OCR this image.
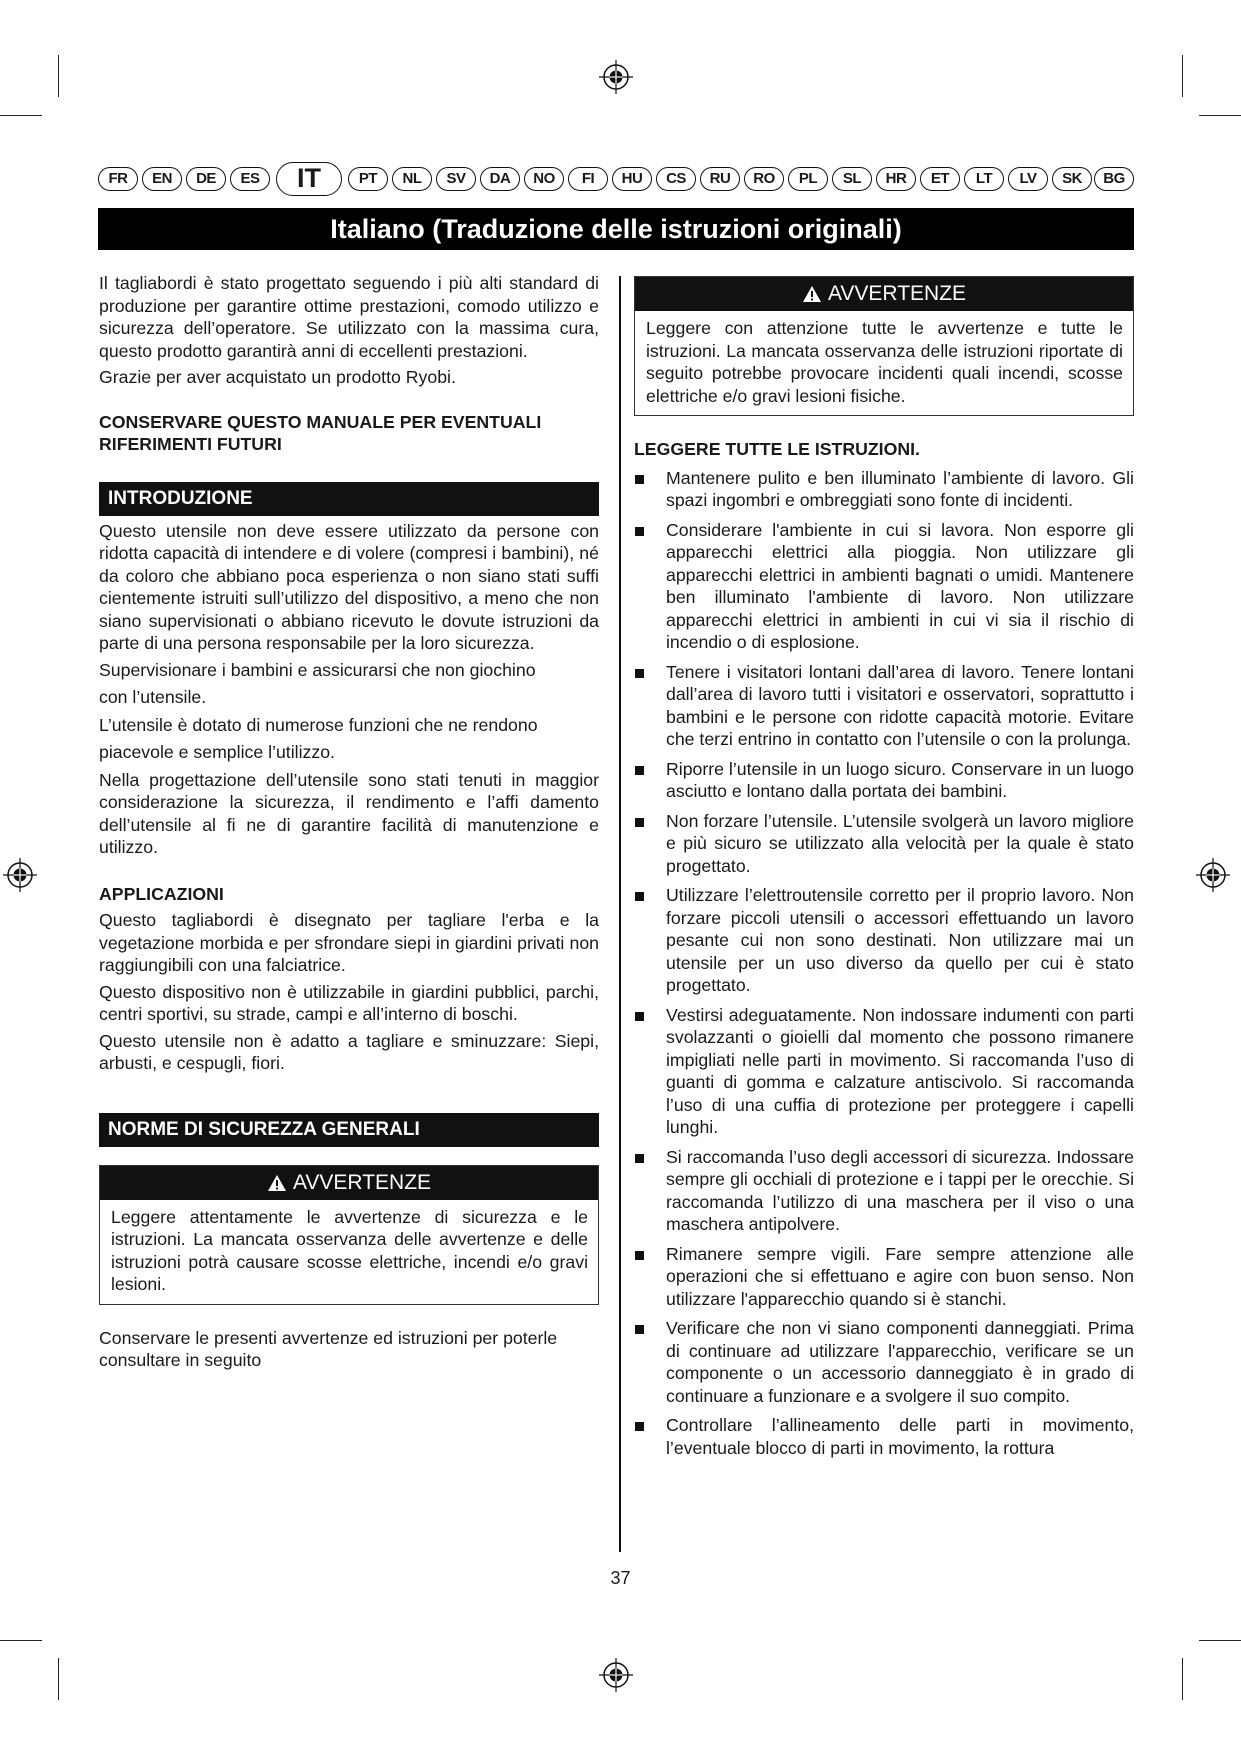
FR	EN	DE	ES	IT	PT	NL	SV	DA	NO	FI	HU	CS	RU	RO	PL	SL	HR	ET	LT	LV	SK	BG
Italiano (Traduzione delle istruzioni originali)

Il tagliabordi è stato progettato seguendo i più alti standard di produzione per garantire ottime prestazioni, comodo utilizzo e sicurezza dell’operatore. Se utilizzato con la massima cura, questo prodotto garantirà anni di eccellenti prestazioni.

Grazie per aver acquistato un prodotto Ryobi.

CONSERVARE QUESTO MANUALE PER EVENTUALI RIFERIMENTI FUTURI
INTRODUZIONE

Questo utensile non deve essere utilizzato da persone con ridotta capacità di intendere e di volere (compresi i bambini), né da coloro che abbiano poca esperienza o non siano stati suffi cientemente istruiti sull’utilizzo del dispositivo, a meno che non siano supervisionati o abbiano ricevuto le dovute istruzioni da parte di una persona responsabile per la loro sicurezza.

Supervisionare i bambini e assicurarsi che non giochino

con l’utensile.

L’utensile è dotato di numerose funzioni che ne rendono

piacevole e semplice l’utilizzo.

Nella progettazione dell’utensile sono stati tenuti in maggior considerazione la sicurezza, il rendimento e l’affi damento dell’utensile al fi ne di garantire facilità di manutenzione e utilizzo.

APPLICAZIONI

Questo tagliabordi è disegnato per tagliare l'erba e la vegetazione morbida e per sfrondare siepi in giardini privati non raggiungibili con una falciatrice.

Questo dispositivo non è utilizzabile in giardini pubblici, parchi, centri sportivi, su strade, campi e all’interno di boschi.

Questo utensile non è adatto a tagliare e sminuzzare: Siepi, arbusti, e cespugli, fiori.

NORME DI SICUREZZA GENERALI
AVVERTENZE

Leggere attentamente le avvertenze di sicurezza e le istruzioni. La mancata osservanza delle avvertenze e delle istruzioni potrà causare scosse elettriche, incendi e/o gravi lesioni.

Conservare le presenti avvertenze ed istruzioni per poterle consultare in seguito

AVVERTENZE

Leggere con attenzione tutte le avvertenze e tutte le istruzioni. La mancata osservanza delle istruzioni riportate di seguito potrebbe provocare incidenti quali incendi, scosse elettriche e/o gravi lesioni fisiche.

LEGGERE TUTTE LE ISTRUZIONI.
Mantenere pulito e ben illuminato l’ambiente di lavoro. Gli spazi ingombri e ombreggiati sono fonte di incidenti.
Considerare l'ambiente in cui si lavora. Non esporre gli apparecchi elettrici alla pioggia. Non utilizzare gli apparecchi elettrici in ambienti bagnati o umidi. Mantenere ben illuminato l'ambiente di lavoro. Non utilizzare apparecchi elettrici in ambienti in cui vi sia il rischio di incendio o di esplosione.
Tenere i visitatori lontani dall’area di lavoro. Tenere lontani dall’area di lavoro tutti i visitatori e osservatori, soprattutto i bambini e le persone con ridotte capacità motorie. Evitare che terzi entrino in contatto con l’utensile o con la prolunga.
Riporre l’utensile in un luogo sicuro. Conservare in un luogo asciutto e lontano dalla portata dei bambini.
Non forzare l’utensile. L’utensile svolgerà un lavoro migliore e più sicuro se utilizzato alla velocità per la quale è stato progettato.
Utilizzare l’elettroutensile corretto per il proprio lavoro. Non forzare piccoli utensili o accessori effettuando un lavoro pesante cui non sono destinati. Non utilizzare mai un utensile per un uso diverso da quello per cui è stato progettato.
Vestirsi adeguatamente. Non indossare indumenti con parti svolazzanti o gioielli dal momento che possono rimanere impigliati nelle parti in movimento. Si raccomanda l’uso di guanti di gomma e calzature antiscivolo. Si raccomanda l’uso di una cuffia di protezione per proteggere i capelli lunghi.
Si raccomanda l’uso degli accessori di sicurezza. Indossare sempre gli occhiali di protezione e i tappi per le orecchie. Si raccomanda l’utilizzo di una maschera per il viso o una maschera antipolvere.
Rimanere sempre vigili. Fare sempre attenzione alle operazioni che si effettuano e agire con buon senso. Non utilizzare l'apparecchio quando si è stanchi.
Verificare che non vi siano componenti danneggiati. Prima di continuare ad utilizzare l'apparecchio, verificare se un componente o un accessorio danneggiato è in grado di continuare a funzionare e a svolgere il suo compito.
Controllare l’allineamento delle parti in movimento, l’eventuale blocco di parti in movimento, la rottura
37
